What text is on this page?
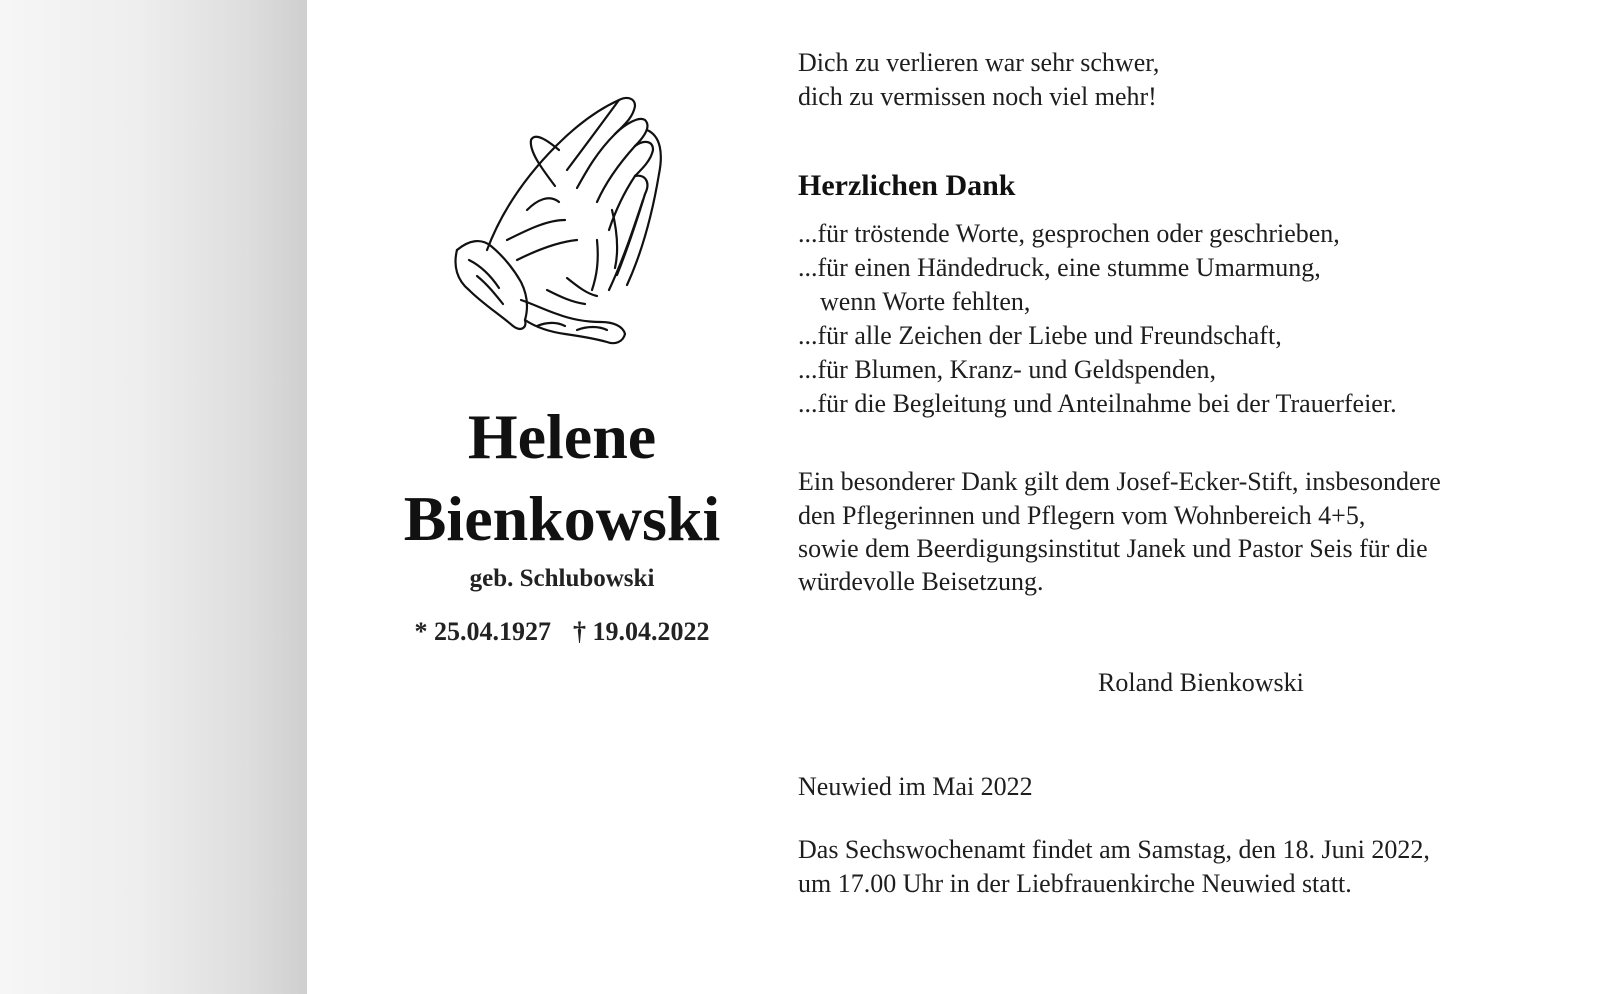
Helene
Bienkowski
geb. Schlubowski
* 25.04.1927 † 19.04.2022
Dich zu verlieren war sehr schwer,
dich zu vermissen noch viel mehr!
Herzlichen Dank
...für tröstende Worte, gesprochen oder geschrieben,
...für einen Händedruck, eine stumme Umarmung,
wenn Worte fehlten,
...für alle Zeichen der Liebe und Freundschaft,
...für Blumen, Kranz- und Geldspenden,
...für die Begleitung und Anteilnahme bei der Trauerfeier.
Ein besonderer Dank gilt dem Josef-Ecker-Stift, insbesondere
den Pflegerinnen und Pflegern vom Wohnbereich 4+5,
sowie dem Beerdigungsinstitut Janek und Pastor Seis für die
würdevolle Beisetzung.
Roland Bienkowski
Neuwied im Mai 2022
Das Sechswochenamt findet am Samstag, den 18. Juni 2022,
um 17.00 Uhr in der Liebfrauenkirche Neuwied statt.
